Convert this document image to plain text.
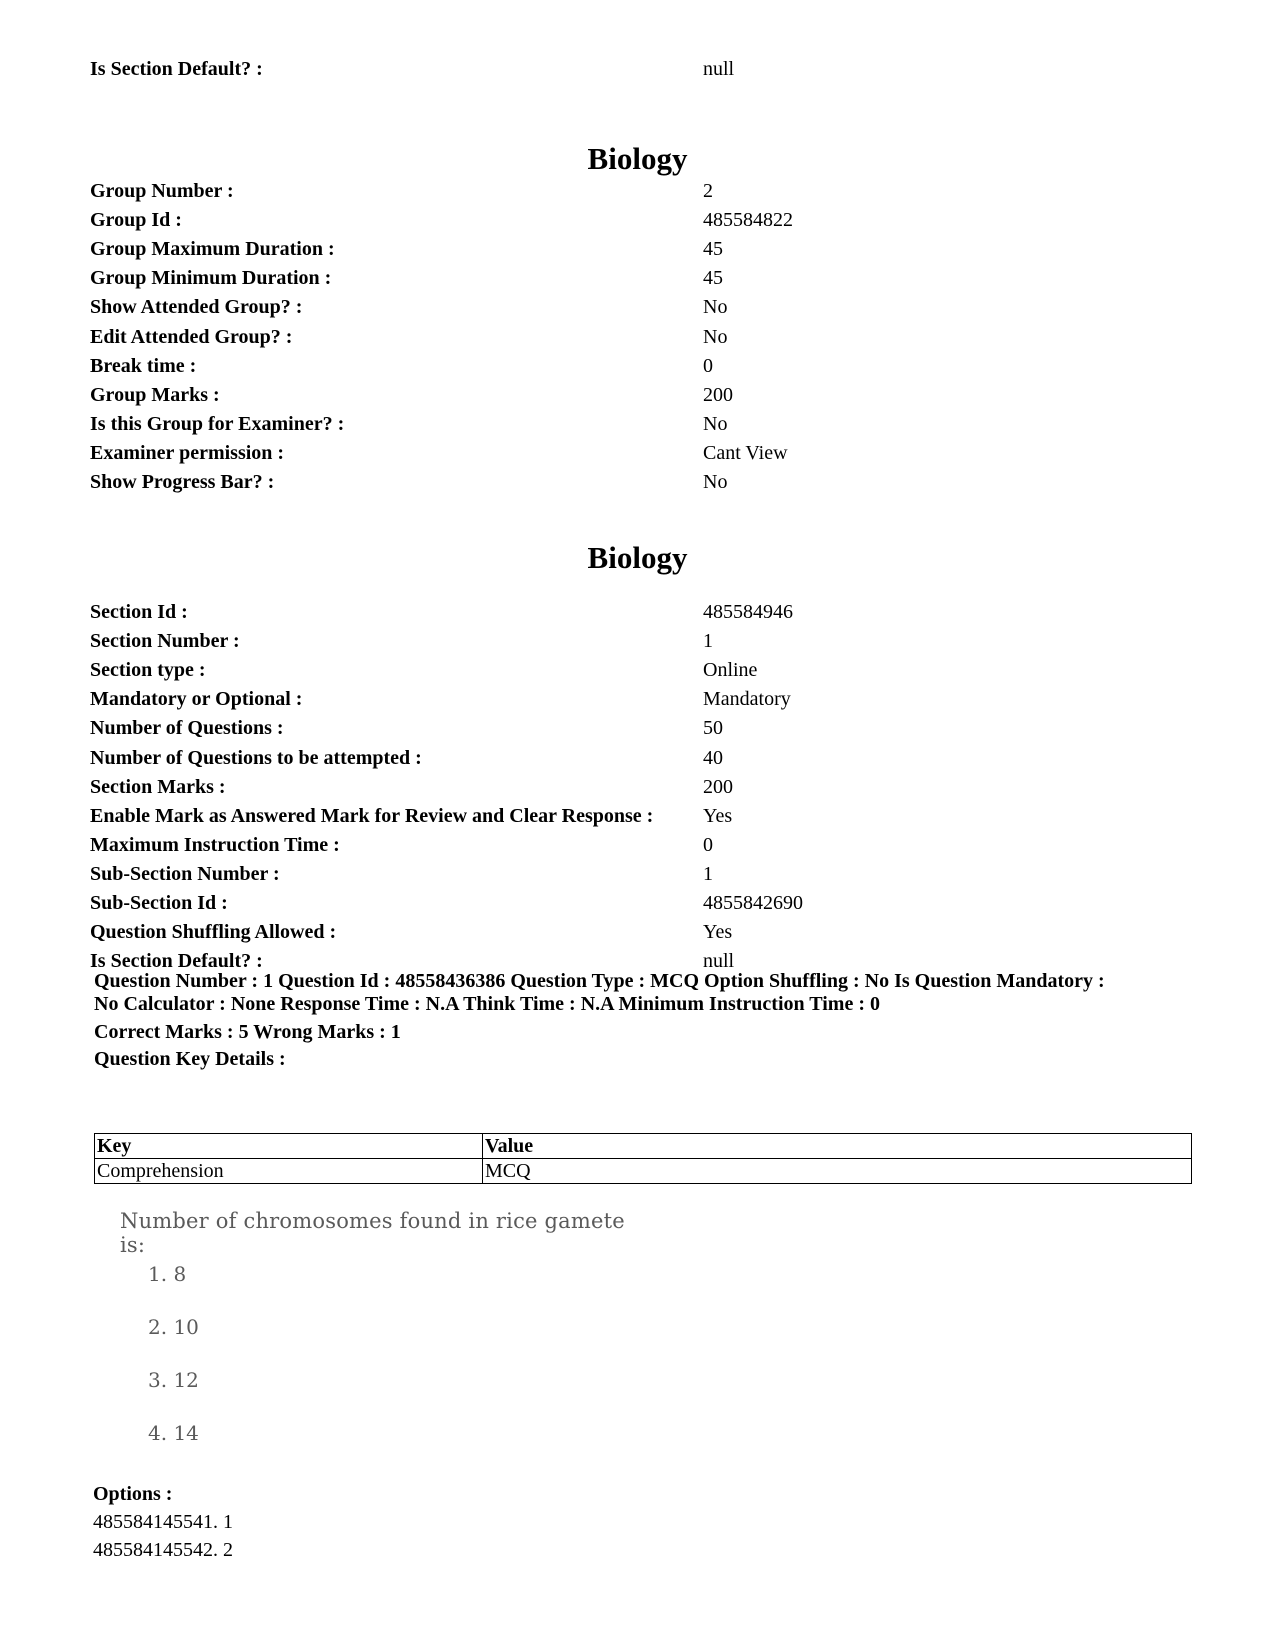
Is Section Default? :	null
Biology
Group Number :	2
Group Id :	485584822
Group Maximum Duration :	45
Group Minimum Duration :	45
Show Attended Group? :	No
Edit Attended Group? :	No
Break time :	0
Group Marks :	200
Is this Group for Examiner? :	No
Examiner permission :	Cant View
Show Progress Bar? :	No
Biology
Section Id :	485584946
Section Number :	1
Section type :	Online
Mandatory or Optional :	Mandatory
Number of Questions :	50
Number of Questions to be attempted :	40
Section Marks :	200
Enable Mark as Answered Mark for Review and Clear Response : Yes
Maximum Instruction Time :	0
Sub-Section Number :	1
Sub-Section Id :	4855842690
Question Shuffling Allowed :	Yes
Is Section Default? :	null
Question Number : 1 Question Id : 48558436386 Question Type : MCQ Option Shuffling : No Is Question Mandatory :
No Calculator : None Response Time : N.A Think Time : N.A Minimum Instruction Time : 0
Correct Marks : 5 Wrong Marks : 1
Question Key Details :
Key	Value
Comprehension	MCQ
Number of chromosomes found in rice gamete is:
1. 8
2. 10
3. 12
4. 14
Options :
485584145541. 1
485584145542. 2
